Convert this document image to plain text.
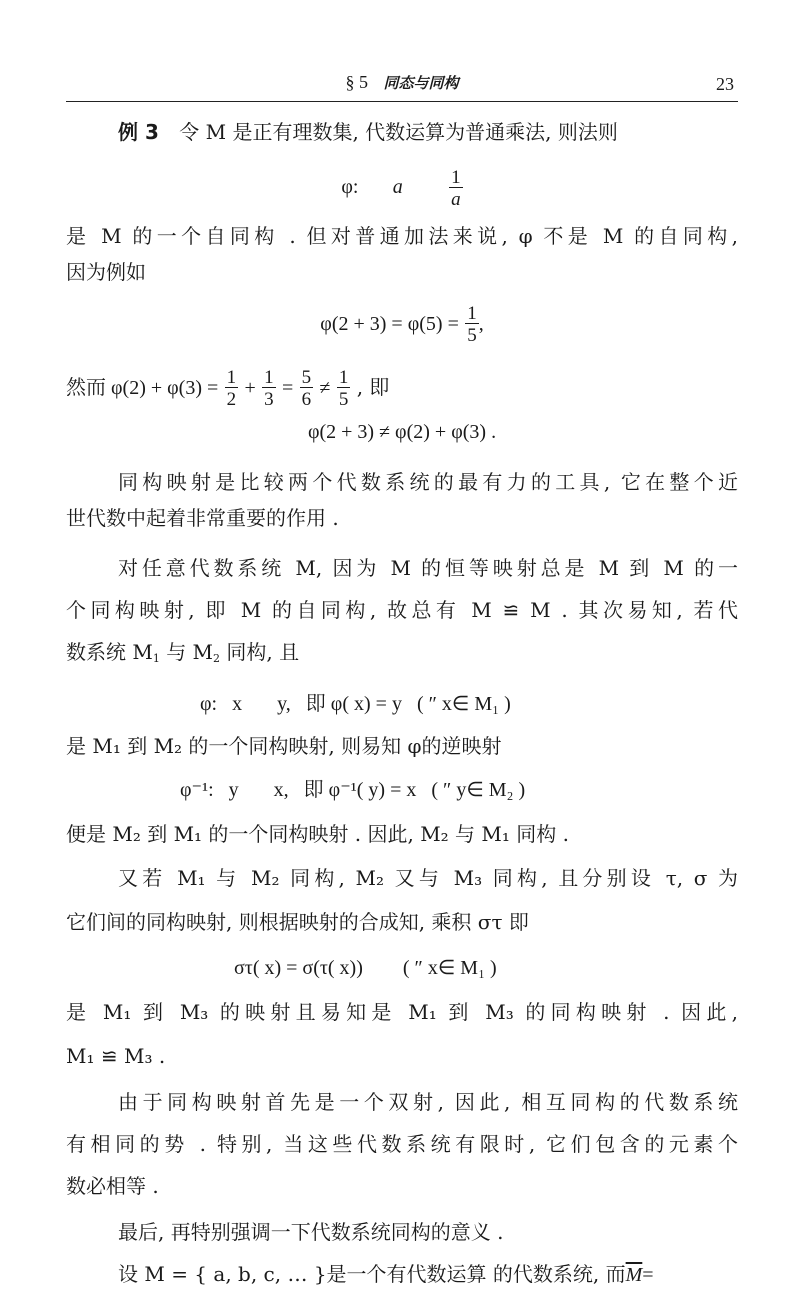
§ 5 同态与同构	23
例 3 令 M 是正有理数集, 代数运算为普通乘法, 则法则
φ: a $\frac{1}{a}$
是 M 的一个自同构 . 但对普通加法来说, φ 不是 M 的自同构,
因为例如
$\varphi(2 + 3) = \varphi(5) = \frac{1}{5}$ ,
然而 $\varphi(2) + \varphi(3) = \frac{1}{2} + \frac{1}{3} = \frac{5}{6} \ne \frac{1}{5}$ , 即
φ(2 + 3) ≠ φ(2) + φ(3) .
同构映射是比较两个代数系统的最有力的工具, 它在整个近
世代数中起着非常重要的作用 .
对任意代数系统 M, 因为 M 的恒等映射总是 M 到 M 的一
个同构映射, 即 M 的自同构, 故总有 M ≌ M . 其次易知, 若代
数系统 $M_1$ 与 $M_2$ 同构, 且
φ:   x       y,   即 φ( x) = y   ( ″ x∈ M₁ )
是 M₁ 到 M₂ 的一个同构映射, 则易知 φ的逆映射
φ⁻¹:   y       x,   即 φ⁻¹( y) = x   ( ″ y∈ M₂ )
便是 M₂ 到 M₁ 的一个同构映射 . 因此, M₂ 与 M₁ 同构 .
又若 M₁ 与 M₂ 同构, M₂ 又与 M₃ 同构, 且分别设 τ, σ 为
它们间的同构映射, 则根据映射的合成知, 乘积 στ 即
στ( x) = σ(τ( x))        ( ″ x∈ M₁ )
是 M₁ 到 M₃ 的映射且易知是 M₁ 到 M₃ 的同构映射 . 因此,
M₁ ≌ M₃ .
由于同构映射首先是一个双射, 因此, 相互同构的代数系统
有相同的势 . 特别, 当这些代数系统有限时, 它们包含的元素个
数必相等 .
最后, 再特别强调一下代数系统同构的意义 .
设 M = { a, b, c, … }是一个有代数运算 的代数系统, 而$\overline{M}=$
